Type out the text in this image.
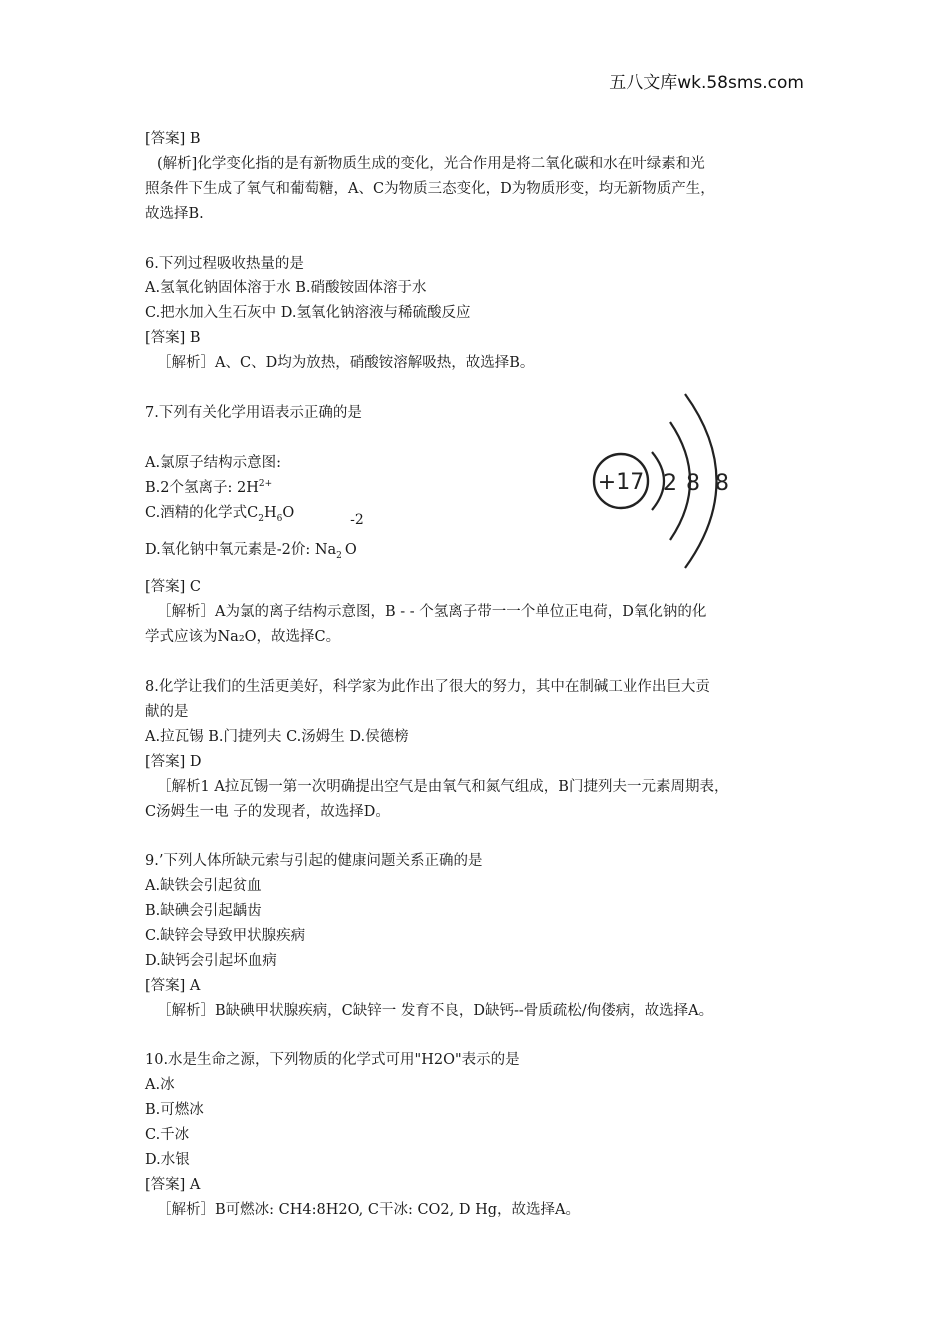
五八文库wk.58sms.com
[答案] B
(解析]化学变化指的是有新物质生成的变化，光合作用是将二氧化碳和水在叶绿素和光
照条件下生成了氧气和葡萄糖，A、C为物质三态变化，D为物质形变，均无新物质产生，
故选择B.
6.下列过程吸收热量的是
A.氢氧化钠固体溶于水 B.硝酸铵固体溶于水
C.把水加入生石灰中 D.氢氧化钠溶液与稀硫酸反应
[答案] B
［解析］A、C、D均为放热，硝酸铵溶解吸热，故选择B。
7.下列有关化学用语表示正确的是
A.氯原子结构示意图:
B.2个氢离子: $2H^{2+}$
C.酒精的化学式$C_2H_6O$
D.氧化钠中氧元素是-2价: $Na_2$ O
-2
+17 2 8 8
[答案] C
［解析］A为氯的离子结构示意图，B - - 个氢离子带一一个单位正电荷，D氧化钠的化
学式应该为Na₂O，故选择C。
8.化学让我们的生活更美好，科学家为此作出了很大的努力，其中在制碱工业作出巨大贡
献的是
A.拉瓦锡 B.门捷列夫 C.汤姆生 D.侯德榜
[答案] D
［解析1 A拉瓦锡一第一次明确提出空气是由氧气和氮气组成，B门捷列夫一元素周期表，
C汤姆生一电 子的发现者，故选择D。
9.’下列人体所缺元索与引起的健康问题关系正确的是
A.缺铁会引起贫血
B.缺碘会引起龋齿
C.缺锌会导致甲状腺疾病
D.缺钙会引起坏血病
[答案] A
［解析］B缺碘甲状腺疾病，C缺锌一 发育不良，D缺钙--骨质疏松/佝偻病，故选择A。
10.水是生命之源，下列物质的化学式可用"H2O"表示的是
A.冰
B.可燃冰
C.千冰
D.水银
[答案] A
［解析］B可燃冰: CH4:8H2O, C干冰: CO2, D Hg，故选择A。
